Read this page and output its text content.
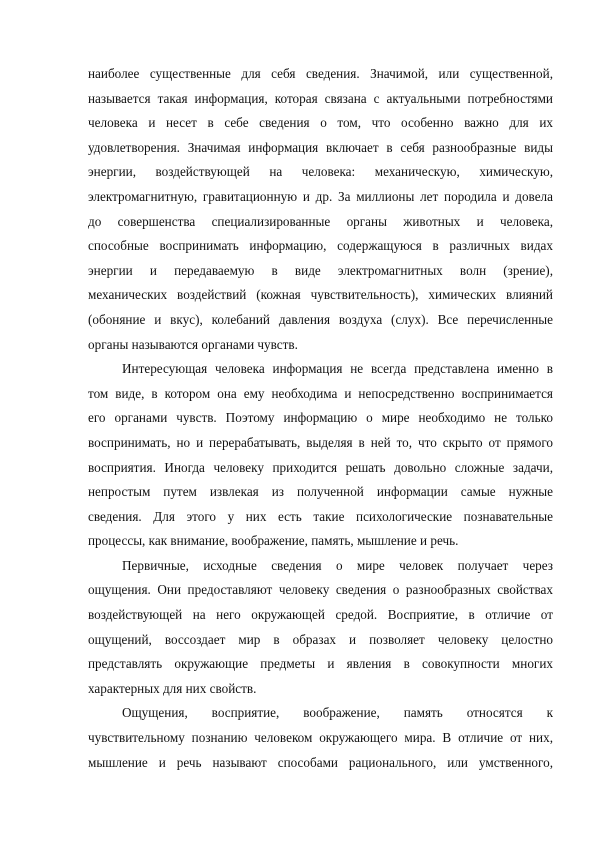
наиболее существенные для себя сведения. Значимой, или существенной,
называется такая информация, которая связана с актуальными потребностями
человека и несет в себе сведения о том, что особенно важно для их
удовлетворения. Значимая информация включает в себя разнообразные виды
энергии, воздействующей на человека: механическую, химическую,
электромагнитную, гравитационную и др. За миллионы лет породила и довела
до совершенства специализированные органы животных и человека,
способные воспринимать информацию, содержащуюся в различных видах
энергии и передаваемую в виде электромагнитных волн (зрение),
механических воздействий (кожная чувствительность), химических влияний
(обоняние и вкус), колебаний давления воздуха (слух). Все перечисленные
органы называются органами чувств.
Интересующая человека информация не всегда представлена именно в
том виде, в котором она ему необходима и непосредственно воспринимается
его органами чувств. Поэтому информацию о мире необходимо не только
воспринимать, но и перерабатывать, выделяя в ней то, что скрыто от прямого
восприятия. Иногда человеку приходится решать довольно сложные задачи,
непростым путем извлекая из полученной информации самые нужные
сведения. Для этого у них есть такие психологические познавательные
процессы, как внимание, воображение, память, мышление и речь.
Первичные, исходные сведения о мире человек получает через
ощущения. Они предоставляют человеку сведения о разнообразных свойствах
воздействующей на него окружающей средой. Восприятие, в отличие от
ощущений, воссоздает мир в образах и позволяет человеку целостно
представлять окружающие предметы и явления в совокупности многих
характерных для них свойств.
Ощущения, восприятие, воображение, память относятся к
чувствительному познанию человеком окружающего мира. В отличие от них,
мышление и речь называют способами рационального, или умственного,
